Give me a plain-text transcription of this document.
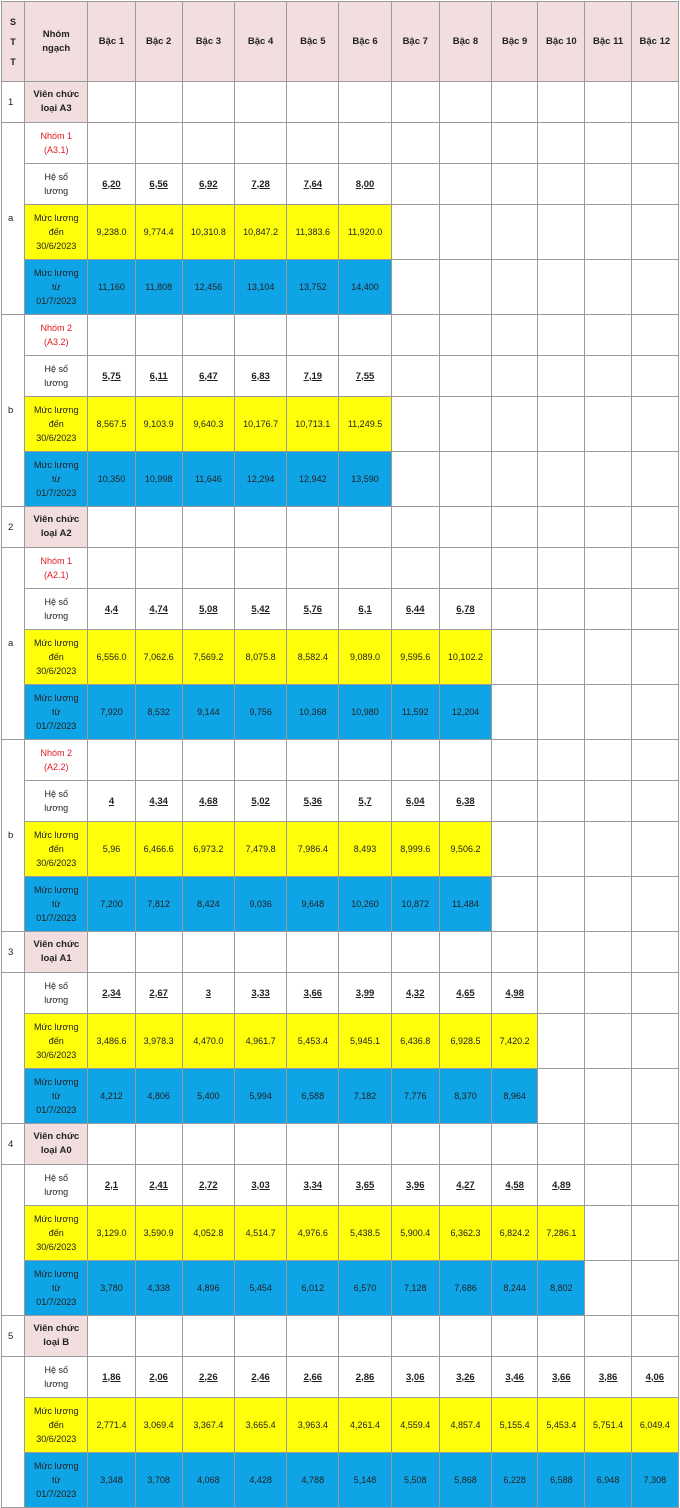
S
T
T	Nhóm
ngạch	Bậc 1	Bậc 2	Bậc 3	Bậc 4	Bậc 5	Bậc 6	Bậc 7	Bậc 8	Bậc 9	Bậc 10	Bậc 11	Bậc 12
1	Viên chức
loại A3												
a	Nhóm 1
(A3.1)												
	Hệ số
lương	6,20	6,56	6,92	7,28	7,64	8,00						
	Mức lương
đến
30/6/2023	9,238.0	9,774.4	10,310.8	10,847.2	11,383.6	11,920.0						
	Mức lương
từ
01/7/2023	11,160	11,808	12,456	13,104	13,752	14,400						
b	Nhóm 2
(A3.2)												
	Hệ số
lương	5,75	6,11	6,47	6,83	7,19	7,55						
	Mức lương
đến
30/6/2023	8,567.5	9,103.9	9,640.3	10,176.7	10,713.1	11,249.5						
	Mức lương
từ
01/7/2023	10,350	10,998	11,646	12,294	12,942	13,590						
2	Viên chức
loại A2												
a	Nhóm 1
(A2.1)												
	Hệ số
lương	4,4	4,74	5,08	5,42	5,76	6,1	6,44	6,78				
	Mức lương
đến
30/6/2023	6,556.0	7,062.6	7,569.2	8,075.8	8,582.4	9,089.0	9,595.6	10,102.2				
	Mức lương
từ
01/7/2023	7,920	8,532	9,144	9,756	10,368	10,980	11,592	12,204				
b	Nhóm 2
(A2.2)												
	Hệ số
lương	4	4,34	4,68	5,02	5,36	5,7	6,04	6,38				
	Mức lương
đến
30/6/2023	5,96	6,466.6	6,973.2	7,479.8	7,986.4	8,493	8,999.6	9,506.2				
	Mức lương
từ
01/7/2023	7,200	7,812	8,424	9,036	9,648	10,260	10,872	11,484				
3	Viên chức
loại A1												
	Hệ số
lương	2,34	2,67	3	3,33	3,66	3,99	4,32	4,65	4,98			
	Mức lương
đến
30/6/2023	3,486.6	3,978.3	4,470.0	4,961.7	5,453.4	5,945.1	6,436.8	6,928.5	7,420.2			
	Mức lương
từ
01/7/2023	4,212	4,806	5,400	5,994	6,588	7,182	7,776	8,370	8,964			
4	Viên chức
loại A0												
	Hệ số
lương	2,1	2,41	2,72	3,03	3,34	3,65	3,96	4,27	4,58	4,89		
	Mức lương
đến
30/6/2023	3,129.0	3,590.9	4,052.8	4,514.7	4,976.6	5,438.5	5,900.4	6,362.3	6,824.2	7,286.1		
	Mức lương
từ
01/7/2023	3,780	4,338	4,896	5,454	6,012	6,570	7,128	7,686	8,244	8,802		
5	Viên chức
loại B												
	Hệ số
lương	1,86	2,06	2,26	2,46	2,66	2,86	3,06	3,26	3,46	3,66	3,86	4,06
	Mức lương
đến
30/6/2023	2,771.4	3,069.4	3,367.4	3,665.4	3,963.4	4,261.4	4,559.4	4,857.4	5,155.4	5,453.4	5,751.4	6,049.4
	Mức lương
từ
01/7/2023	3,348	3,708	4,068	4,428	4,788	5,148	5,508	5,868	6,228	6,588	6,948	7,308
